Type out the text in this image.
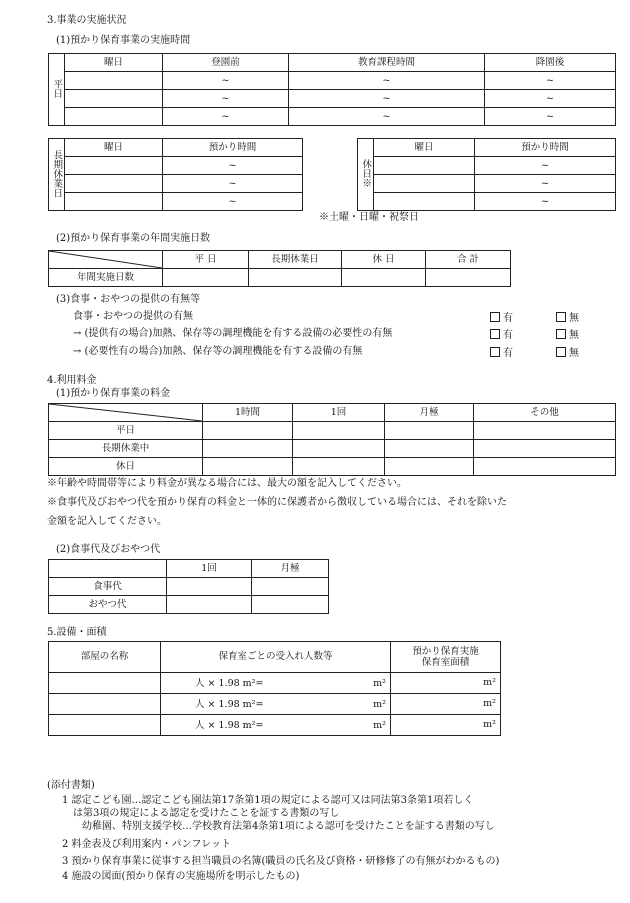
3.事業の実施状況
(1)預かり保育事業の実施時間
平日	曜日	登園前	教育課程時間	降園後
		~	~	~
		~	~	~
		~	~	~
長期休業日	曜日	預かり時間
		~
		~
		~
休日※	曜日	預かり時間
		~
		~
		~
※土曜・日曜・祝祭日
(2)預かり保育事業の年間実施日数
	平 日	長期休業日	休 日	合 計
年間実施日数				
(3)食事・おやつの提供の有無等
食事・おやつの提供の有無
→ (提供有の場合)加熱、保存等の調理機能を有する設備の必要性の有無
→ (必要性有の場合)加熱、保存等の調理機能を有する設備の有無
有	無
有	無
有	無
4.利用料金
(1)預かり保育事業の料金
	1時間	1回	月極	その他
平日				
長期休業中				
休日				
※年齢や時間帯等により料金が異なる場合には、最大の額を記入してください。
※食事代及びおやつ代を預かり保育の料金と一体的に保護者から徴収している場合には、それを除いた
金額を記入してください。
(2)食事代及びおやつ代
	1回	月極
食事代		
おやつ代		
5.設備・面積
部屋の名称	保育室ごとの受入れ人数等	預かり保育実施
保育室面積

	人 × 1.98 m²= m²	m²

	人 × 1.98 m²= m²	m²

	人 × 1.98 m²= m²	m²
(添付書類)
1 認定こども園…認定こども園法第17条第1項の規定による認可又は同法第3条第1項若しく
は第3項の規定による認定を受けたことを証する書類の写し
幼稚園、特別支援学校…学校教育法第4条第1項による認可を受けたことを証する書類の写し
2 料金表及び利用案内・パンフレット
3 預かり保育事業に従事する担当職員の名簿(職員の氏名及び資格・研修修了の有無がわかるもの)
4 施設の図面(預かり保育の実施場所を明示したもの)
